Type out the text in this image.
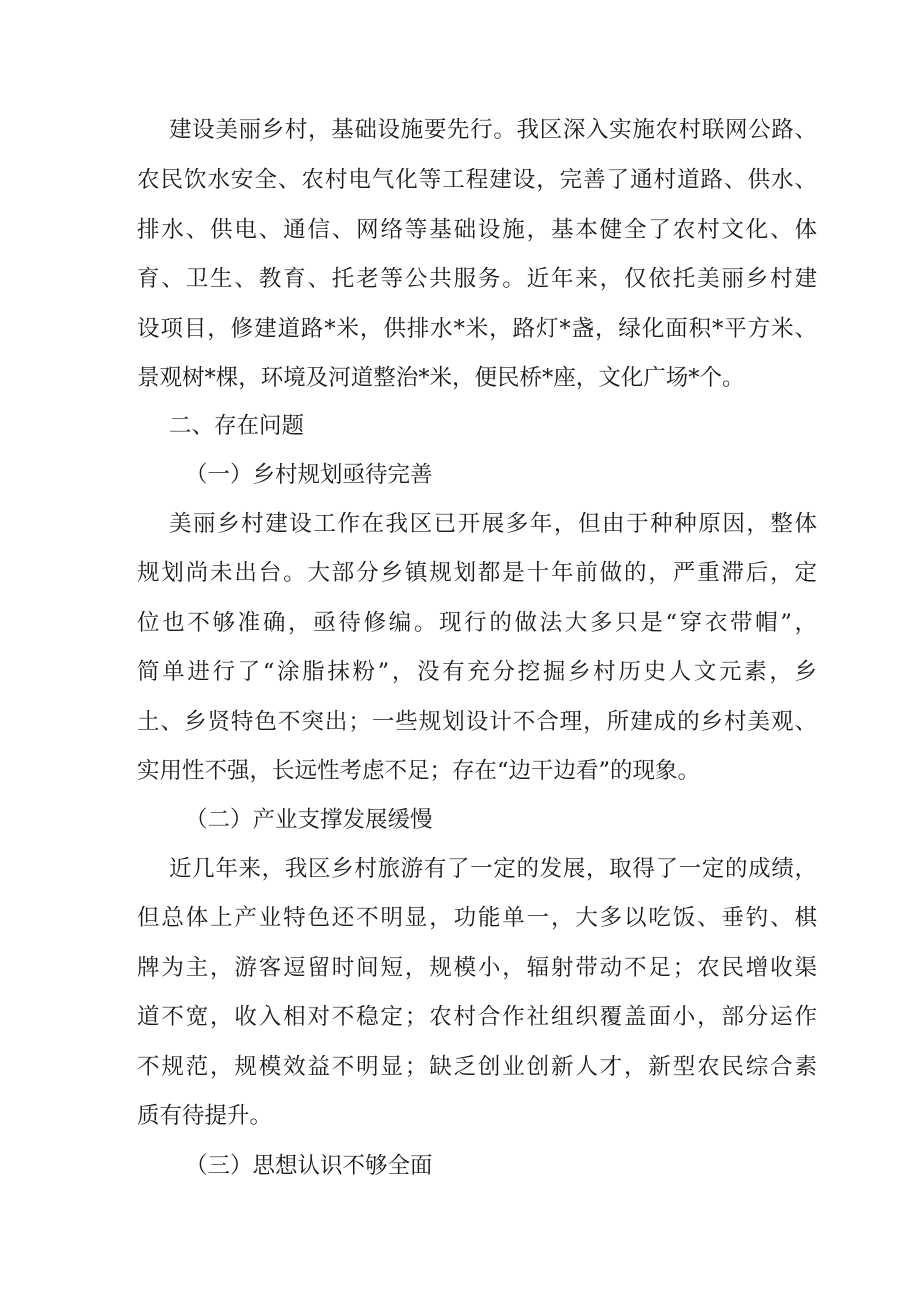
建设美丽乡村，基础设施要先行。我区深入实施农村联网公路、
农民饮水安全、农村电气化等工程建设，完善了通村道路、供水、
排水、供电、通信、网络等基础设施，基本健全了农村文化、体
育、卫生、教育、托老等公共服务。近年来，仅依托美丽乡村建
设项目，修建道路*米，供排水*米，路灯*盏，绿化面积*平方米、
景观树*棵，环境及河道整治*米，便民桥*座，文化广场*个。
二、存在问题
（一）乡村规划亟待完善
美丽乡村建设工作在我区已开展多年，但由于种种原因，整体
规划尚未出台。大部分乡镇规划都是十年前做的，严重滞后，定
位也不够准确，亟待修编。现行的做法大多只是“穿衣带帽”，
简单进行了“涂脂抹粉”，没有充分挖掘乡村历史人文元素，乡
土、乡贤特色不突出；一些规划设计不合理，所建成的乡村美观、
实用性不强，长远性考虑不足；存在“边干边看”的现象。
（二）产业支撑发展缓慢
近几年来，我区乡村旅游有了一定的发展，取得了一定的成绩，
但总体上产业特色还不明显，功能单一，大多以吃饭、垂钓、棋
牌为主，游客逗留时间短，规模小，辐射带动不足；农民增收渠
道不宽，收入相对不稳定；农村合作社组织覆盖面小，部分运作
不规范，规模效益不明显；缺乏创业创新人才，新型农民综合素
质有待提升。
（三）思想认识不够全面
